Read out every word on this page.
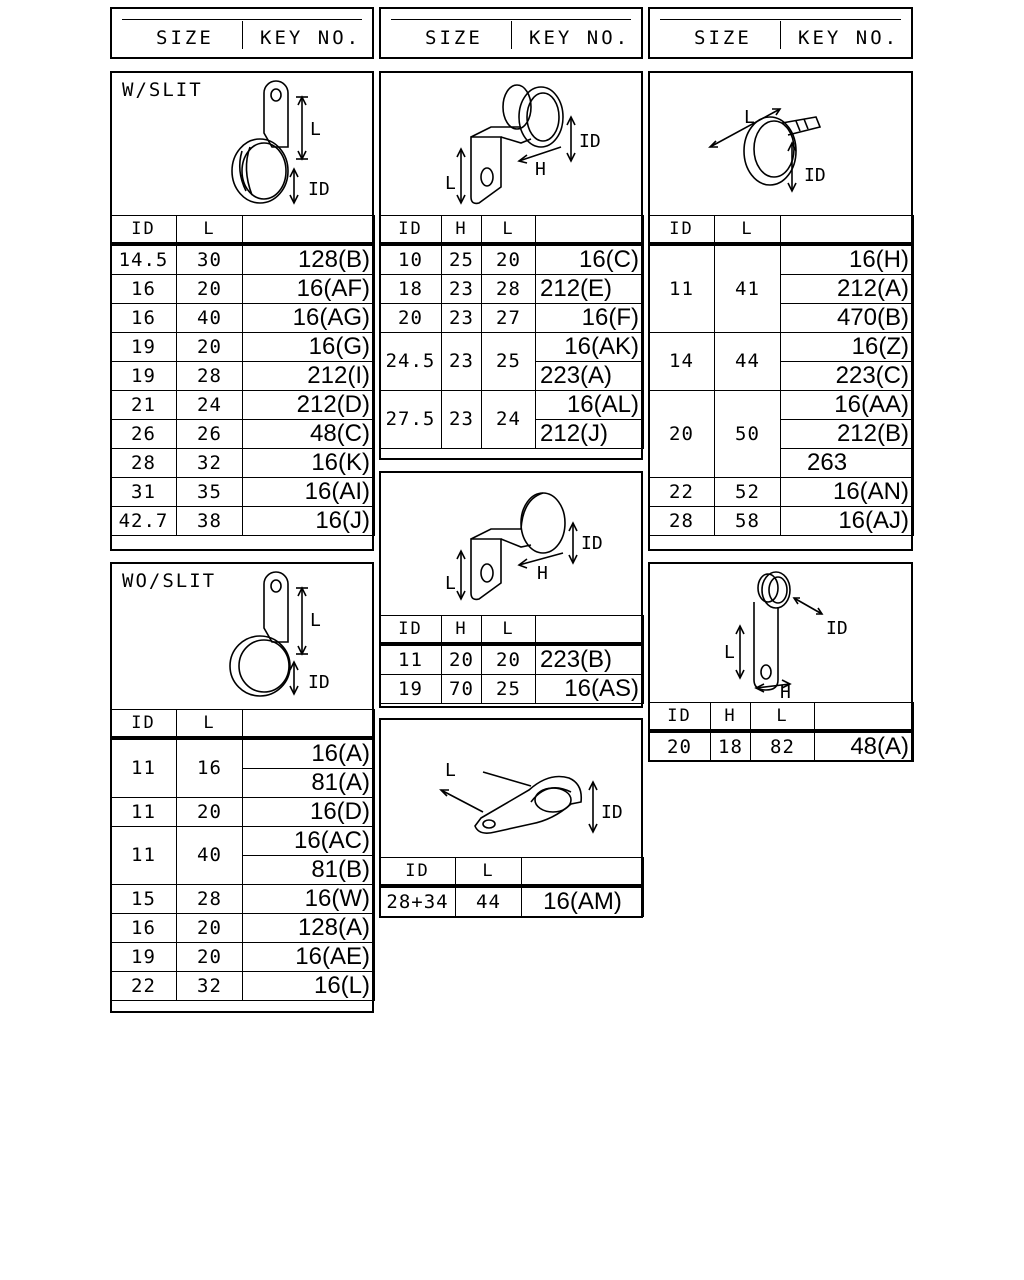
SIZE KEY NO.	SIZE KEY NO.	SIZE KEY NO.
W/SLIT
L
ID
ID	L	
14.5	30	128(B)
16	20	16(AF)
16	40	16(AG)
19	20	16(G)
19	28	212(I)
21	24	212(D)
26	26	48(C)
28	32	16(K)
31	35	16(AI)
42.7	38	16(J)
WO/SLIT
L
ID
ID	L	
11	16	16(A)
		81(A)
11	20	16(D)
11	40	16(AC)
		81(B)
15	28	16(W)
16	20	128(A)
19	20	16(AE)
22	32	16(L)
L
ID
H
ID	H	L	
10	25	20	16(C)
18	23	28	212(E)
20	23	27	16(F)
24.5	23	25	16(AK)
			223(A)
27.5	23	24	16(AL)
			212(J)
L
ID
H
ID	H	L	
11	20	20	223(B)
19	70	25	16(AS)
L
ID
ID	L	
28+34	44	16(AM)
L
ID
ID	L	
11	41	16(H)
		212(A)
		470(B)
14	44	16(Z)
		223(C)
20	50	16(AA)
		212(B)
		263
22	52	16(AN)
28	58	16(AJ)
L
ID
H
ID	H	L	
20	18	82	48(A)
